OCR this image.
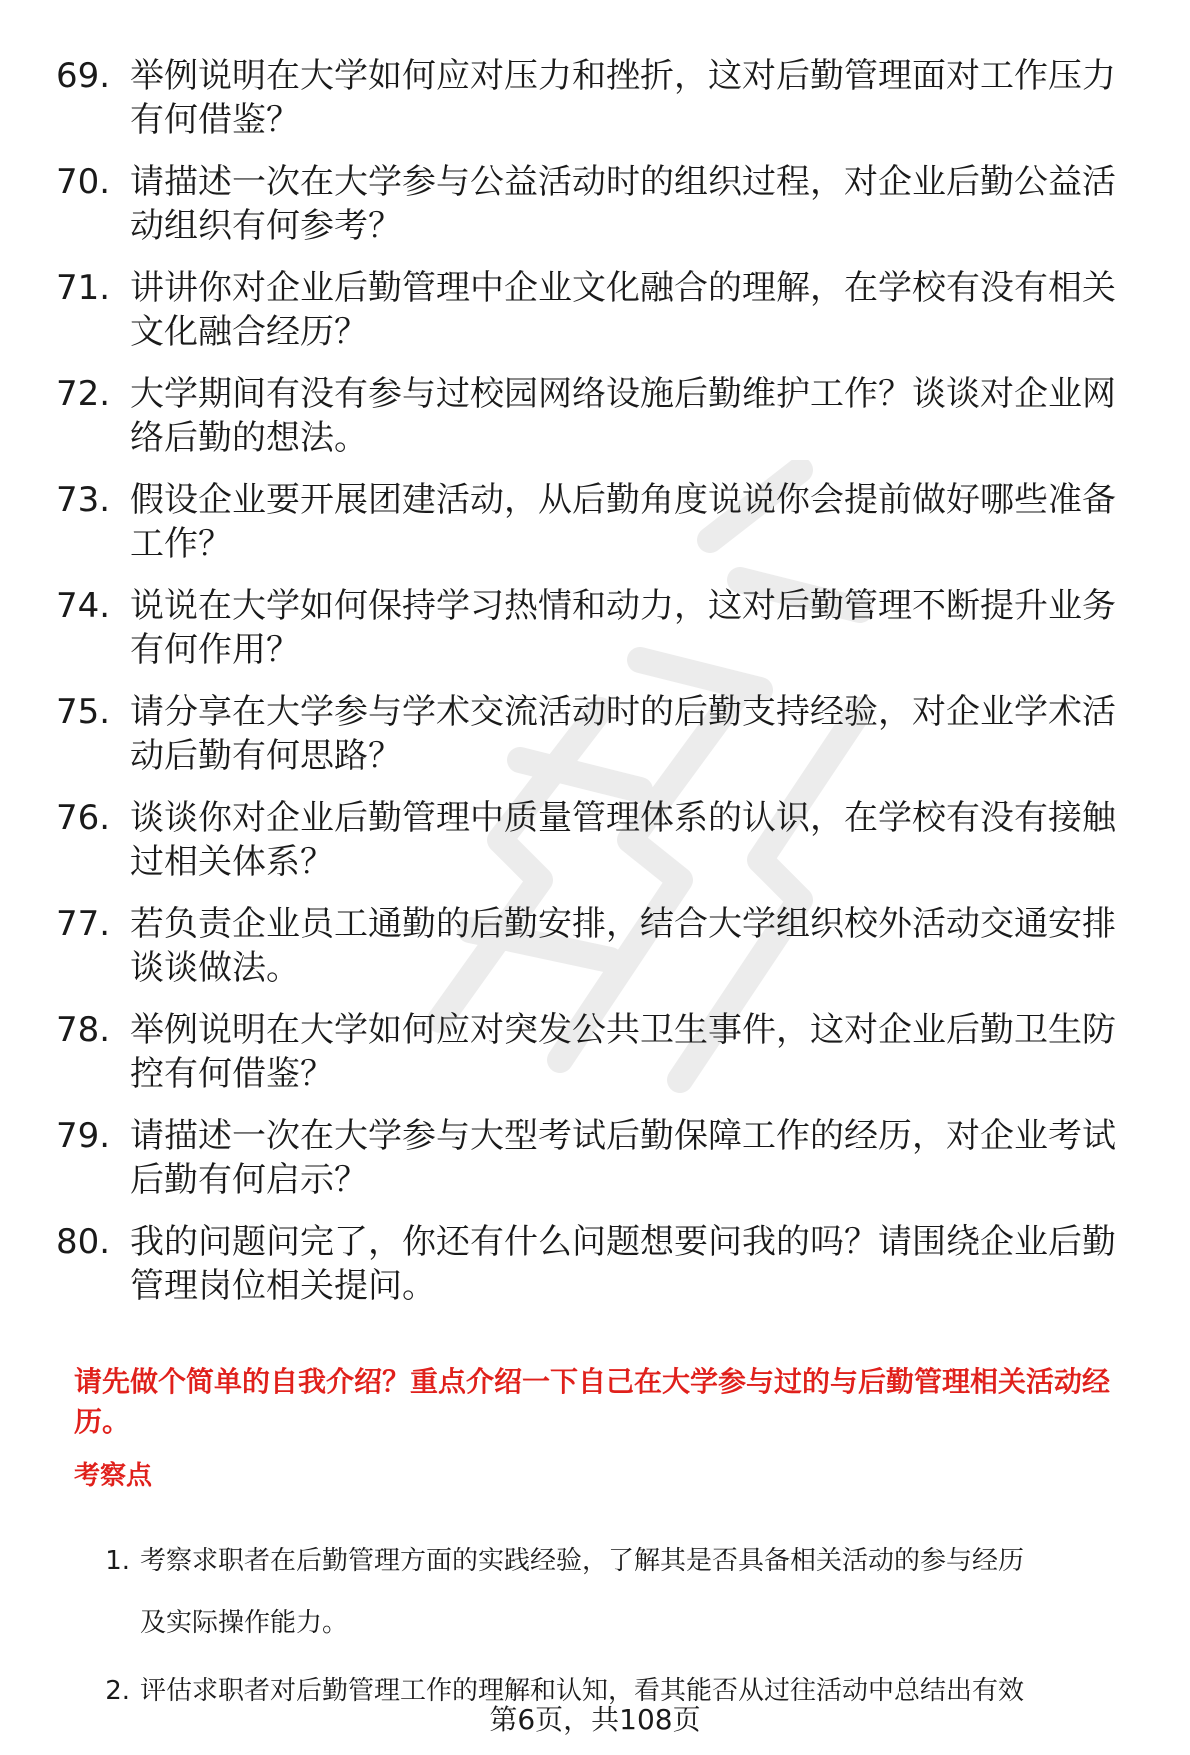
69. 举例说明在大学如何应对压力和挫折，这对后勤管理面对工作压力有何借鉴？
70. 请描述一次在大学参与公益活动时的组织过程，对企业后勤公益活动组织有何参考？
71. 讲讲你对企业后勤管理中企业文化融合的理解，在学校有没有相关文化融合经历？
72. 大学期间有没有参与过校园网络设施后勤维护工作？谈谈对企业网络后勤的想法。
73. 假设企业要开展团建活动，从后勤角度说说你会提前做好哪些准备工作？
74. 说说在大学如何保持学习热情和动力，这对后勤管理不断提升业务有何作用？
75. 请分享在大学参与学术交流活动时的后勤支持经验，对企业学术活动后勤有何思路？
76. 谈谈你对企业后勤管理中质量管理体系的认识，在学校有没有接触过相关体系？
77. 若负责企业员工通勤的后勤安排，结合大学组织校外活动交通安排谈谈做法。
78. 举例说明在大学如何应对突发公共卫生事件，这对企业后勤卫生防控有何借鉴？
79. 请描述一次在大学参与大型考试后勤保障工作的经历，对企业考试后勤有何启示？
80. 我的问题问完了，你还有什么问题想要问我的吗？请围绕企业后勤管理岗位相关提问。
请先做个简单的自我介绍？重点介绍一下自己在大学参与过的与后勤管理相关活动经历。
考察点
1. 考察求职者在后勤管理方面的实践经验，了解其是否具备相关活动的参与经历
及实际操作能力。
2. 评估求职者对后勤管理工作的理解和认知，看其能否从过往活动中总结出有效
第6页，共108页
